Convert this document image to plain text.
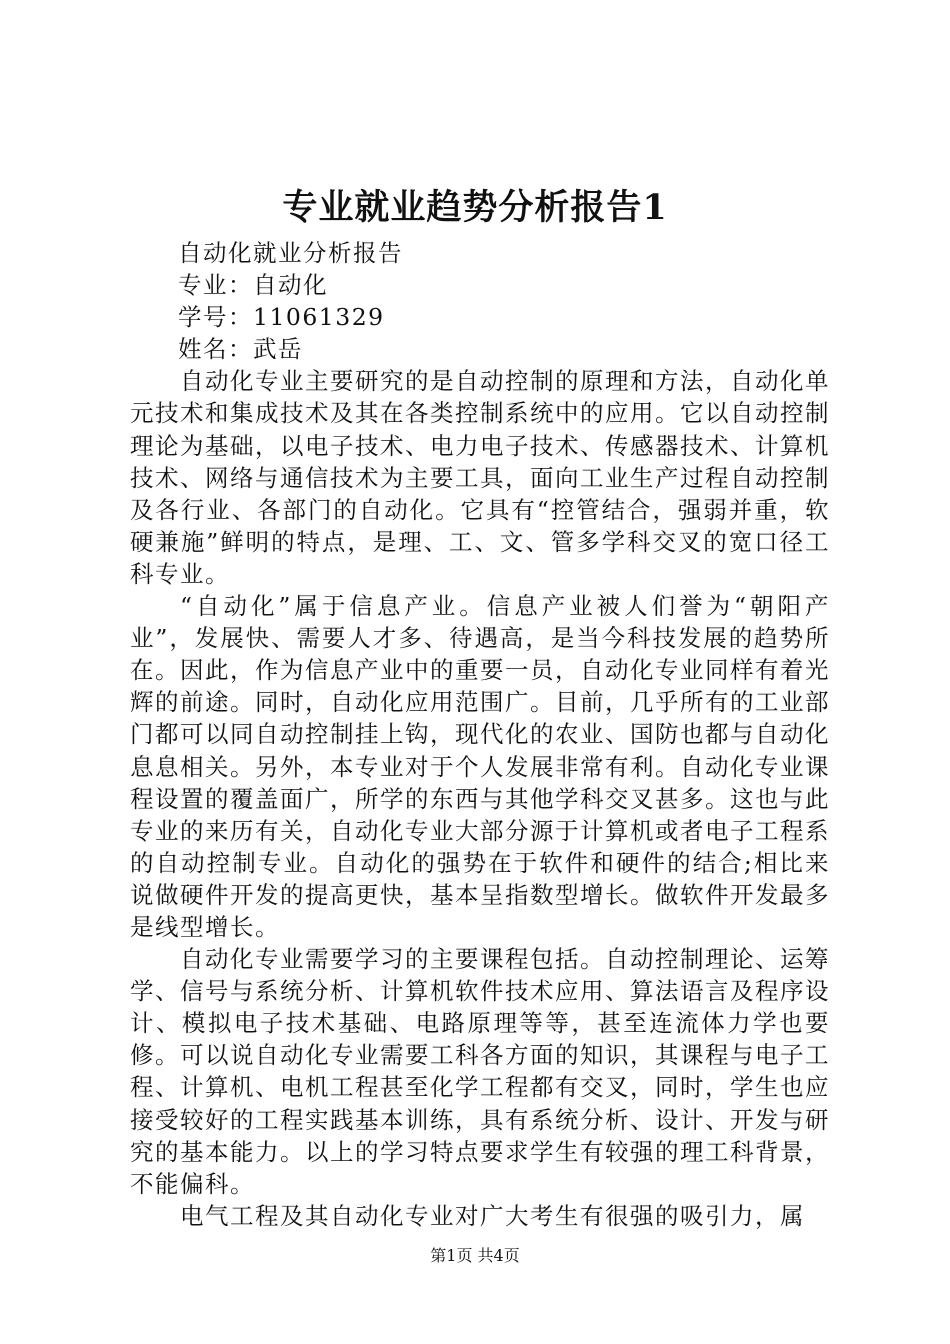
专业就业趋势分析报告1

自动化就业分析报告

专业：自动化

学号：11061329

姓名：武岳

自动化专业主要研究的是自动控制的原理和方法，自动化单元技术和集成技术及其在各类控制系统中的应用。它以自动控制理论为基础，以电子技术、电力电子技术、传感器技术、计算机技术、网络与通信技术为主要工具，面向工业生产过程自动控制及各行业、各部门的自动化。它具有“控管结合，强弱并重，软硬兼施”鲜明的特点，是理、工、文、管多学科交叉的宽口径工科专业。

“自动化”属于信息产业。信息产业被人们誉为“朝阳产业”，发展快、需要人才多、待遇高，是当今科技发展的趋势所在。因此，作为信息产业中的重要一员，自动化专业同样有着光辉的前途。同时，自动化应用范围广。目前，几乎所有的工业部门都可以同自动控制挂上钩，现代化的农业、国防也都与自动化息息相关。另外，本专业对于个人发展非常有利。自动化专业课程设置的覆盖面广，所学的东西与其他学科交叉甚多。这也与此专业的来历有关，自动化专业大部分源于计算机或者电子工程系的自动控制专业。自动化的强势在于软件和硬件的结合;相比来说做硬件开发的提高更快，基本呈指数型增长。做软件开发最多是线型增长。

自动化专业需要学习的主要课程包括。自动控制理论、运筹学、信号与系统分析、计算机软件技术应用、算法语言及程序设计、模拟电子技术基础、电路原理等等，甚至连流体力学也要修。可以说自动化专业需要工科各方面的知识，其课程与电子工程、计算机、电机工程甚至化学工程都有交叉，同时，学生也应接受较好的工程实践基本训练，具有系统分析、设计、开发与研究的基本能力。以上的学习特点要求学生有较强的理工科背景，不能偏科。

电气工程及其自动化专业对广大考生有很强的吸引力，属

第1页 共4页
